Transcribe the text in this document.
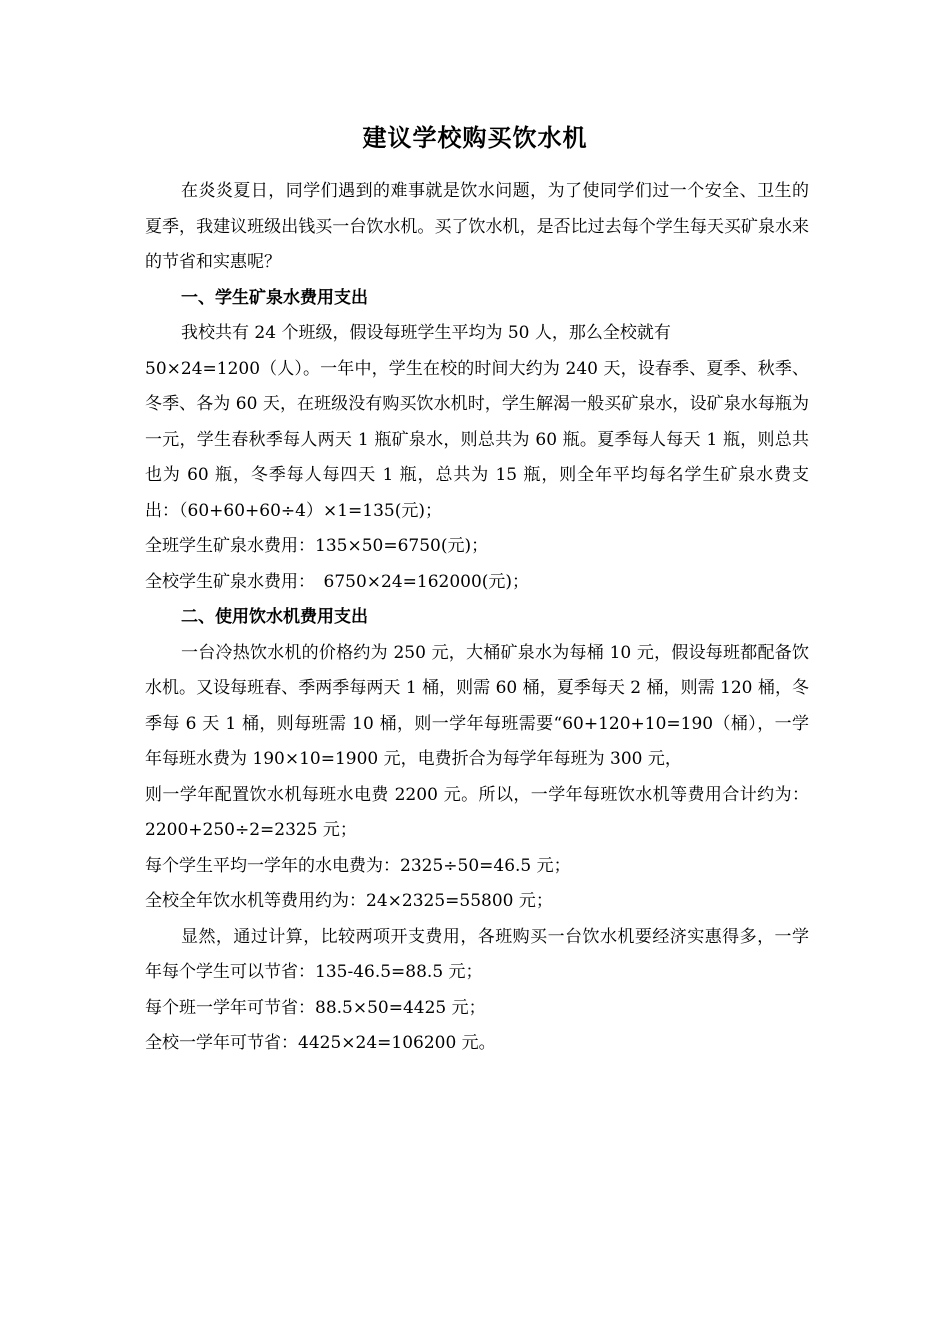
建议学校购买饮水机

在炎炎夏日，同学们遇到的难事就是饮水问题，为了使同学们过一个安全、卫生的夏季，我建议班级出钱买一台饮水机。买了饮水机，是否比过去每个学生每天买矿泉水来的节省和实惠呢？

一、学生矿泉水费用支出

我校共有 24 个班级，假设每班学生平均为 50 人，那么全校就有

50×24=1200（人）。一年中，学生在校的时间大约为 240 天，设春季、夏季、秋季、冬季、各为 60 天，在班级没有购买饮水机时，学生解渴一般买矿泉水，设矿泉水每瓶为一元，学生春秋季每人两天 1 瓶矿泉水，则总共为 60 瓶。夏季每人每天 1 瓶，则总共也为 60 瓶，冬季每人每四天 1 瓶，总共为 15 瓶，则全年平均每名学生矿泉水费支出：（60+60+60÷4）×1=135(元)；

全班学生矿泉水费用：135×50=6750(元)；

全校学生矿泉水费用：　6750×24=162000(元)；

二、使用饮水机费用支出

一台冷热饮水机的价格约为 250 元，大桶矿泉水为每桶 10 元，假设每班都配备饮水机。又设每班春、季两季每两天 1 桶，则需 60 桶，夏季每天 2 桶，则需 120 桶，冬季每 6 天 1 桶，则每班需 10 桶，则一学年每班需要“60+120+10=190（桶），一学年每班水费为 190×10=1900 元，电费折合为每学年每班为 300 元，

则一学年配置饮水机每班水电费 2200 元。所以，一学年每班饮水机等费用合计约为：2200+250÷2=2325 元；

每个学生平均一学年的水电费为：2325÷50=46.5 元；

全校全年饮水机等费用约为：24×2325=55800 元；

显然，通过计算，比较两项开支费用，各班购买一台饮水机要经济实惠得多，一学年每个学生可以节省：135-46.5=88.5 元；

每个班一学年可节省：88.5×50=4425 元；

全校一学年可节省：4425×24=106200 元。
